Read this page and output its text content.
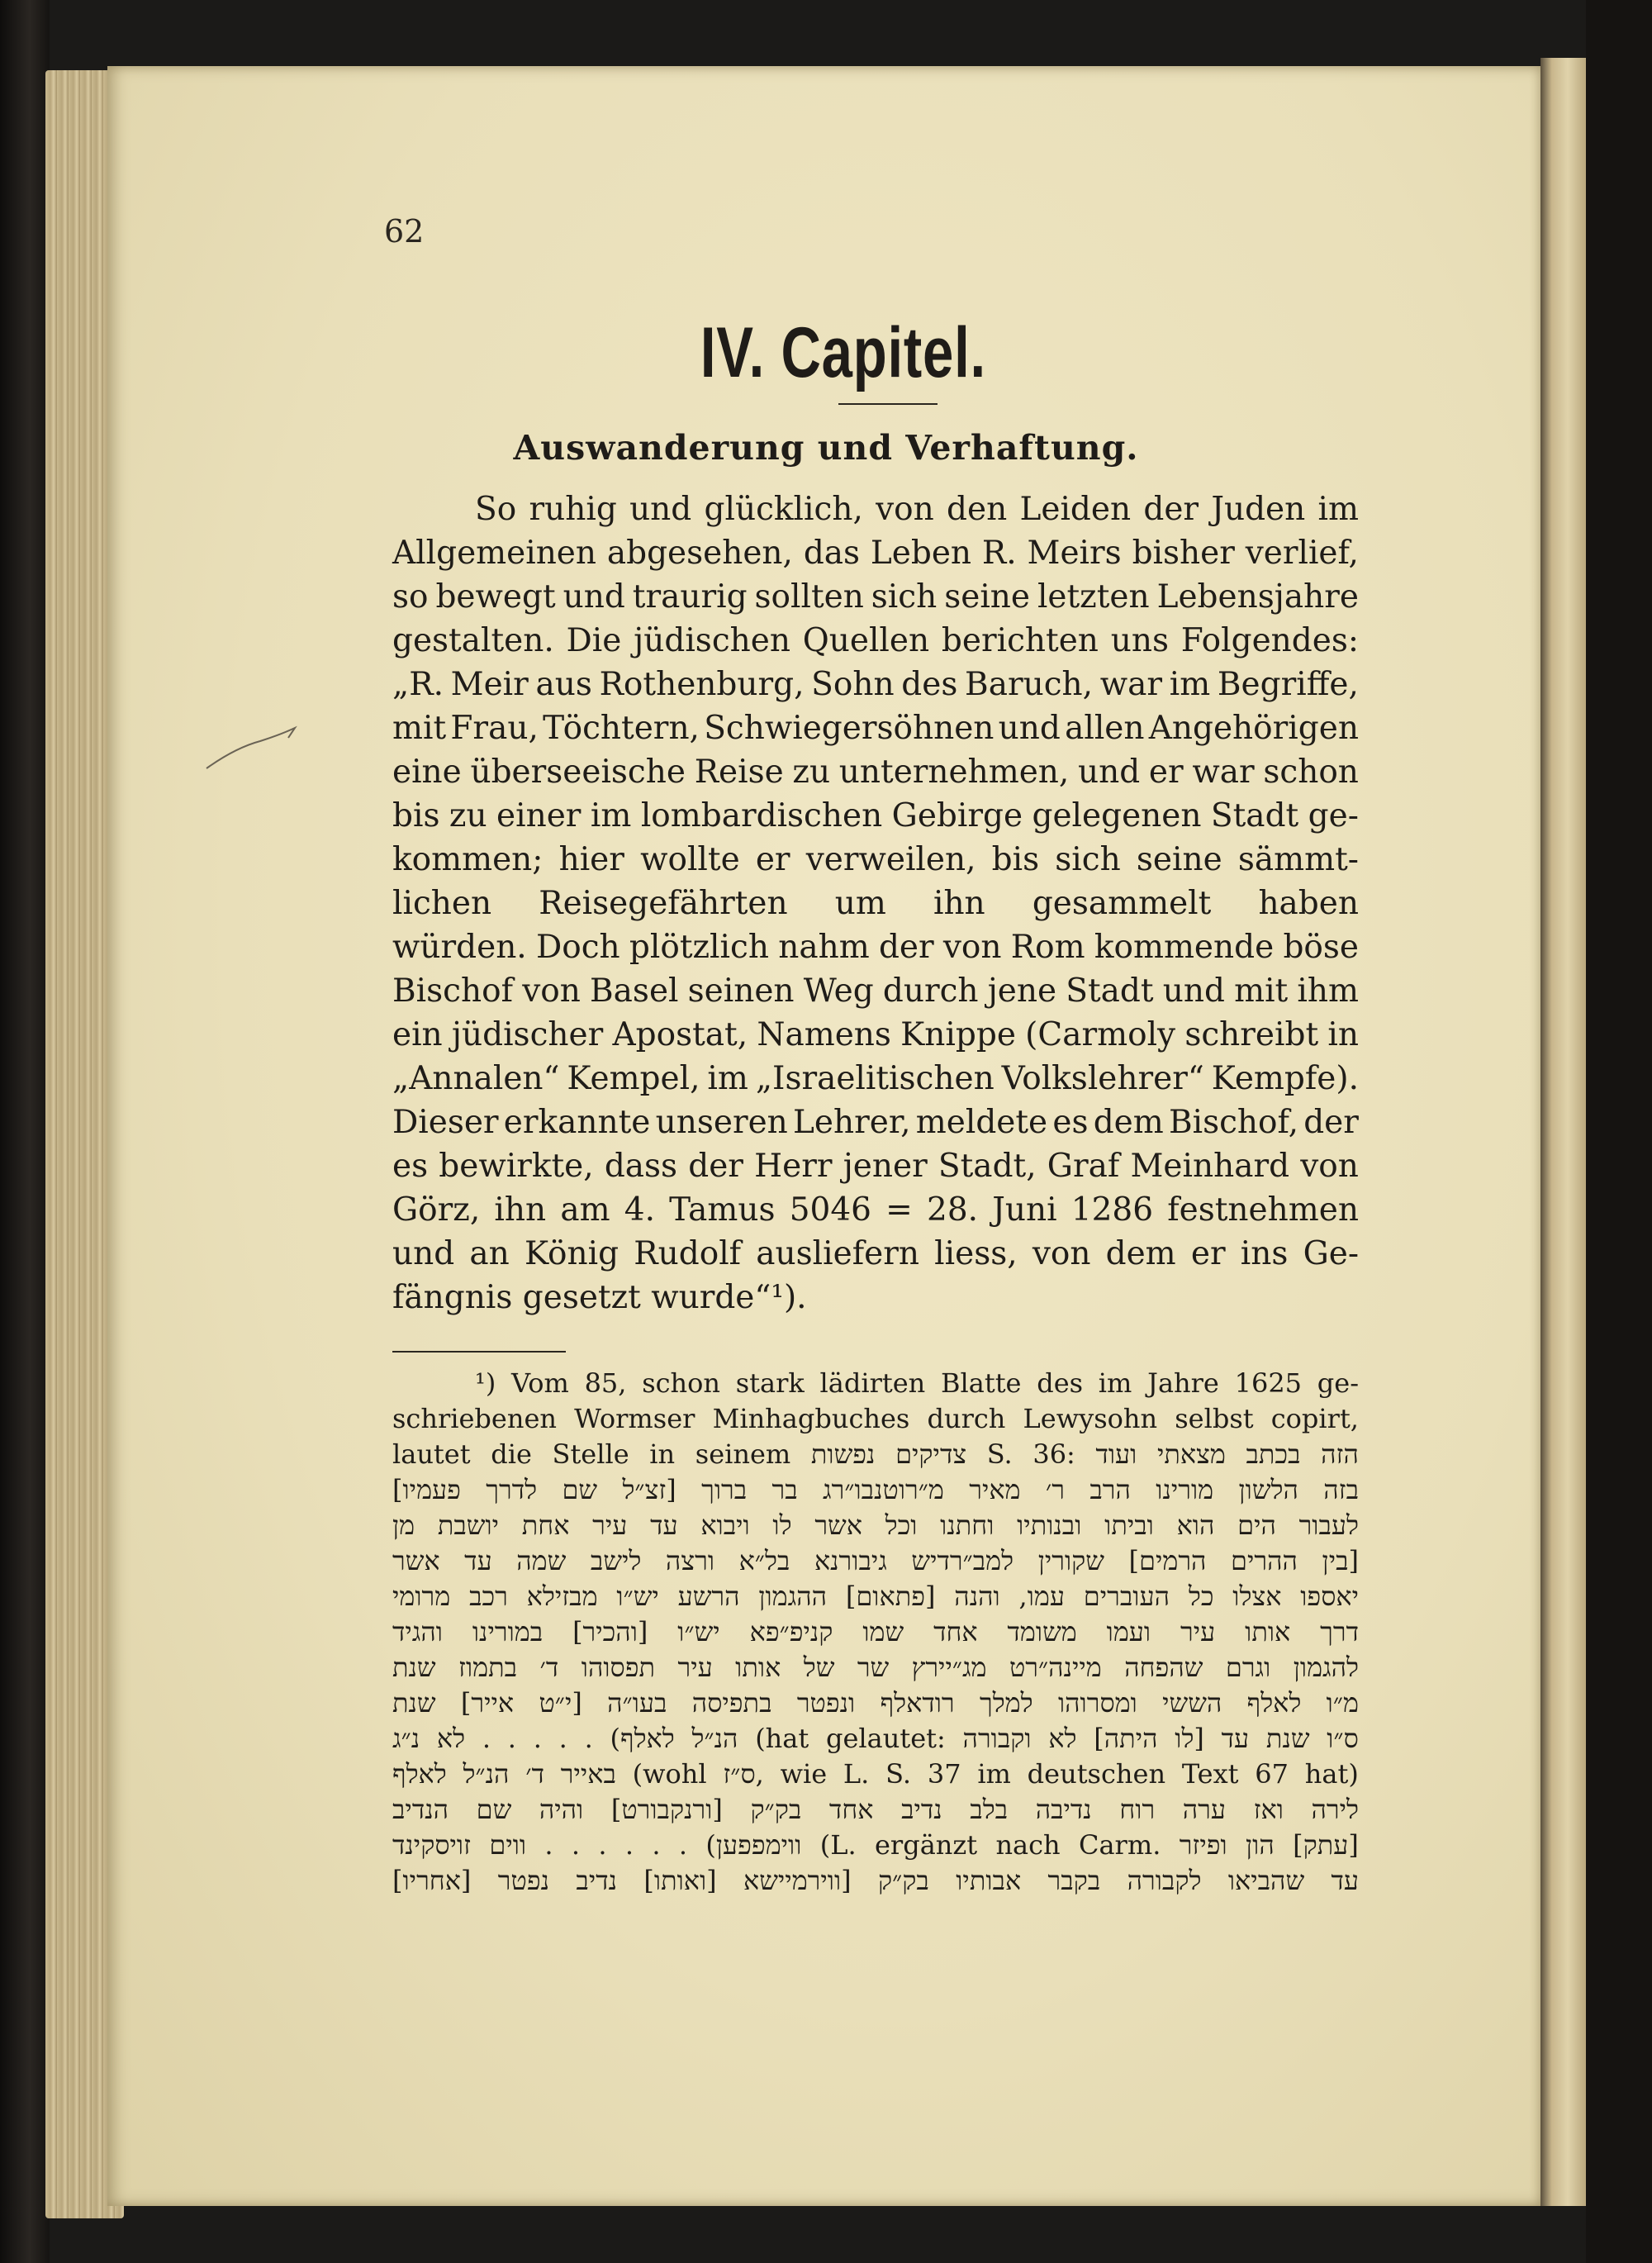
62

IV. Capitel.
Auswanderung und Verhaftung.
So ruhig und glücklich, von den Leiden der Juden im
Allgemeinen abgesehen, das Leben R. Meirs bisher verlief,
so bewegt und traurig sollten sich seine letzten Lebensjahre
gestalten. Die jüdischen Quellen berichten uns Folgendes:
„R. Meir aus Rothenburg, Sohn des Baruch, war im Begriffe,
mit Frau, Töchtern, Schwiegersöhnen und allen Angehörigen
eine überseeische Reise zu unternehmen, und er war schon
bis zu einer im lombardischen Gebirge gelegenen Stadt ge-
kommen; hier wollte er verweilen, bis sich seine sämmt-
lichen Reisegefährten um ihn gesammelt haben
würden. Doch plötzlich nahm der von Rom kommende böse
Bischof von Basel seinen Weg durch jene Stadt und mit ihm
ein jüdischer Apostat, Namens Knippe (Carmoly schreibt in
„Annalen“ Kempel, im „Israelitischen Volkslehrer“ Kempfe).
Dieser erkannte unseren Lehrer, meldete es dem Bischof, der
es bewirkte, dass der Herr jener Stadt, Graf Meinhard von
Görz, ihn am 4. Tamus 5046 = 28. Juni 1286 festnehmen
und an König Rudolf ausliefern liess, von dem er ins Ge-
fängnis gesetzt wurde“¹).
¹) Vom 85, schon stark lädirten Blatte des im Jahre 1625 ge-
schriebenen Wormser Minhagbuches durch Lewysohn selbst copirt,
lautet die Stelle in seinem נפשות צדיקים S. 36: ועוד מצאתי בכתב הזה
בזה הלשון מורינו הרב ר׳ מאיר מ״רוטנבו״רג בר ברוך [זצ״ל שם לדרך פעמיו]
לעבור הים הוא וביתו ובנותיו וחתנו וכל אשר לו ויבוא עד עיר אחת יושבת מן
[בין ההרים הרמים] שקורין למב״רדיש גיבורנא בל״א ורצה לישב שמה עד אשר
יאספו אצלו כל העוברים עמו, והנה [פתאום] ההגמון הרשע יש״ו מבזילא רכב מרומי
דרך אותו עיר ועמו משומד אחד שמו קניפ״פא יש״ו [והכיר] במורינו והגיד
להגמון וגרם שהפחה מיינה״רט מג״יירץ שר של אותו עיר תפסוהו ד׳ בתמוז שנת
מ״ו לאלף הששי ומסרוהו למלך רודאלף ונפטר בתפיסה בעו״ה [י״ט אייר] שנת
נ״ג לא . . . . . (לאלף הנ״ל (hat gelautet: וקבורה לא [היתה לו] עד שנת ס״ו
לאלף הנ״ל ד׳ באייר (wohl ס״ז, wie L. S. 37 im deutschen Text 67 hat)
לירה ואז ערה רוח נדיבה בלב נדיב אחד בק״ק [ורנקבורט] והיה שם הנדיב
זויסקינד ווים . . . . . . (ווימפפען (L. ergänzt nach Carm. ופיזר הון [עתק]
עד שהביאו לקבורה בקבר אבותיו בק״ק [ווירמיישא [ואותו] נדיב נפטר [אחריו]
